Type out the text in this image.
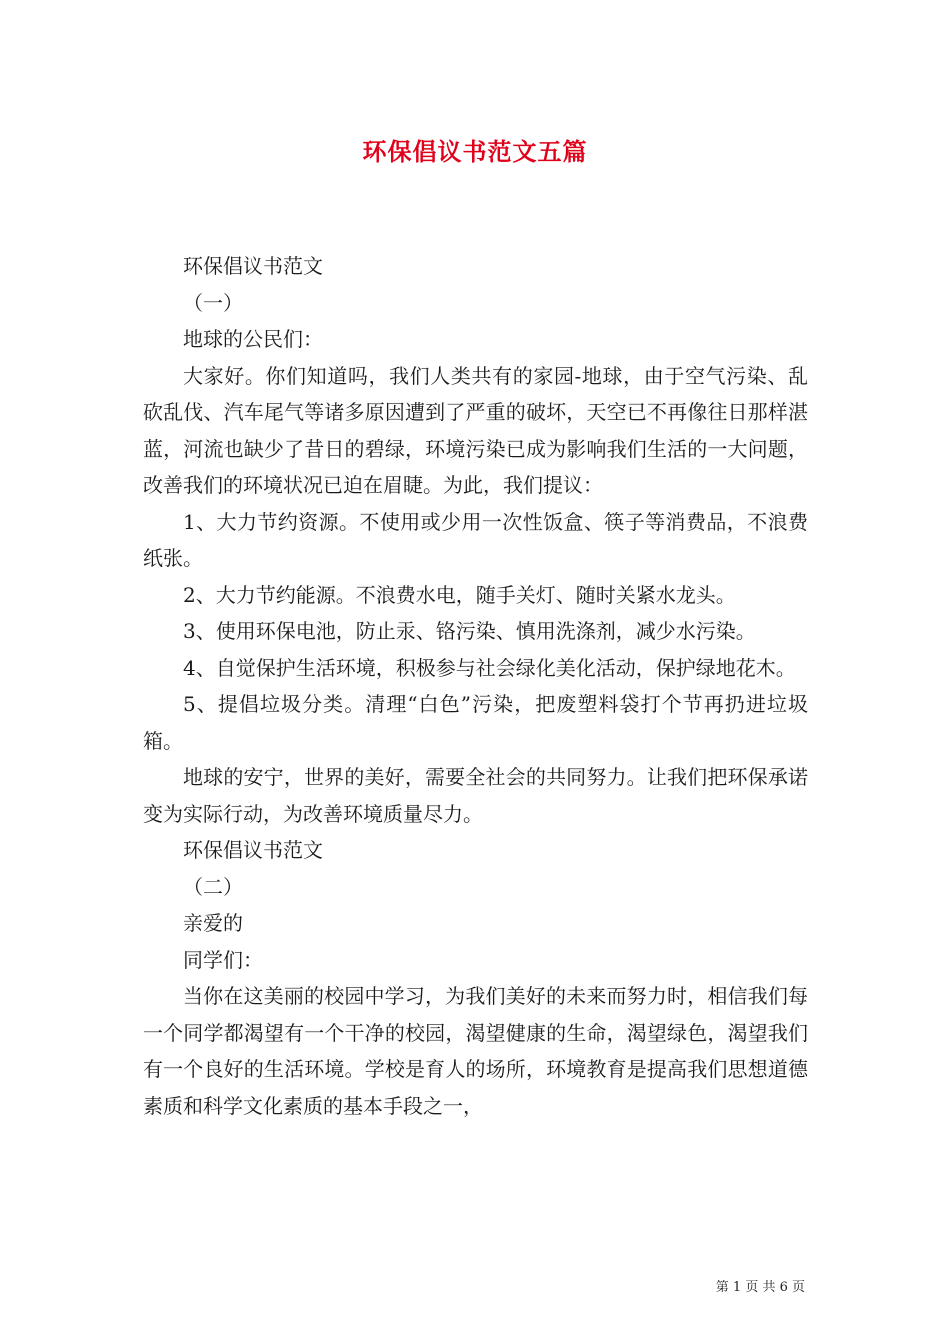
环保倡议书范文五篇

环保倡议书范文

（一）

地球的公民们：

大家好。你们知道吗，我们人类共有的家园-地球，由于空气污染、乱砍乱伐、汽车尾气等诸多原因遭到了严重的破坏，天空已不再像往日那样湛蓝，河流也缺少了昔日的碧绿，环境污染已成为影响我们生活的一大问题，改善我们的环境状况已迫在眉睫。为此，我们提议：

1、大力节约资源。不使用或少用一次性饭盒、筷子等消费品，不浪费纸张。

2、大力节约能源。不浪费水电，随手关灯、随时关紧水龙头。

3、使用环保电池，防止汞、铬污染、慎用洗涤剂，减少水污染。

4、自觉保护生活环境，积极参与社会绿化美化活动，保护绿地花木。

5、提倡垃圾分类。清理“白色”污染，把废塑料袋打个节再扔进垃圾箱。

地球的安宁，世界的美好，需要全社会的共同努力。让我们把环保承诺变为实际行动，为改善环境质量尽力。

环保倡议书范文

（二）

亲爱的

同学们：

当你在这美丽的校园中学习，为我们美好的未来而努力时，相信我们每一个同学都渴望有一个干净的校园，渴望健康的生命，渴望绿色，渴望我们有一个良好的生活环境。学校是育人的场所，环境教育是提高我们思想道德素质和科学文化素质的基本手段之一，

第 1 页 共 6 页
